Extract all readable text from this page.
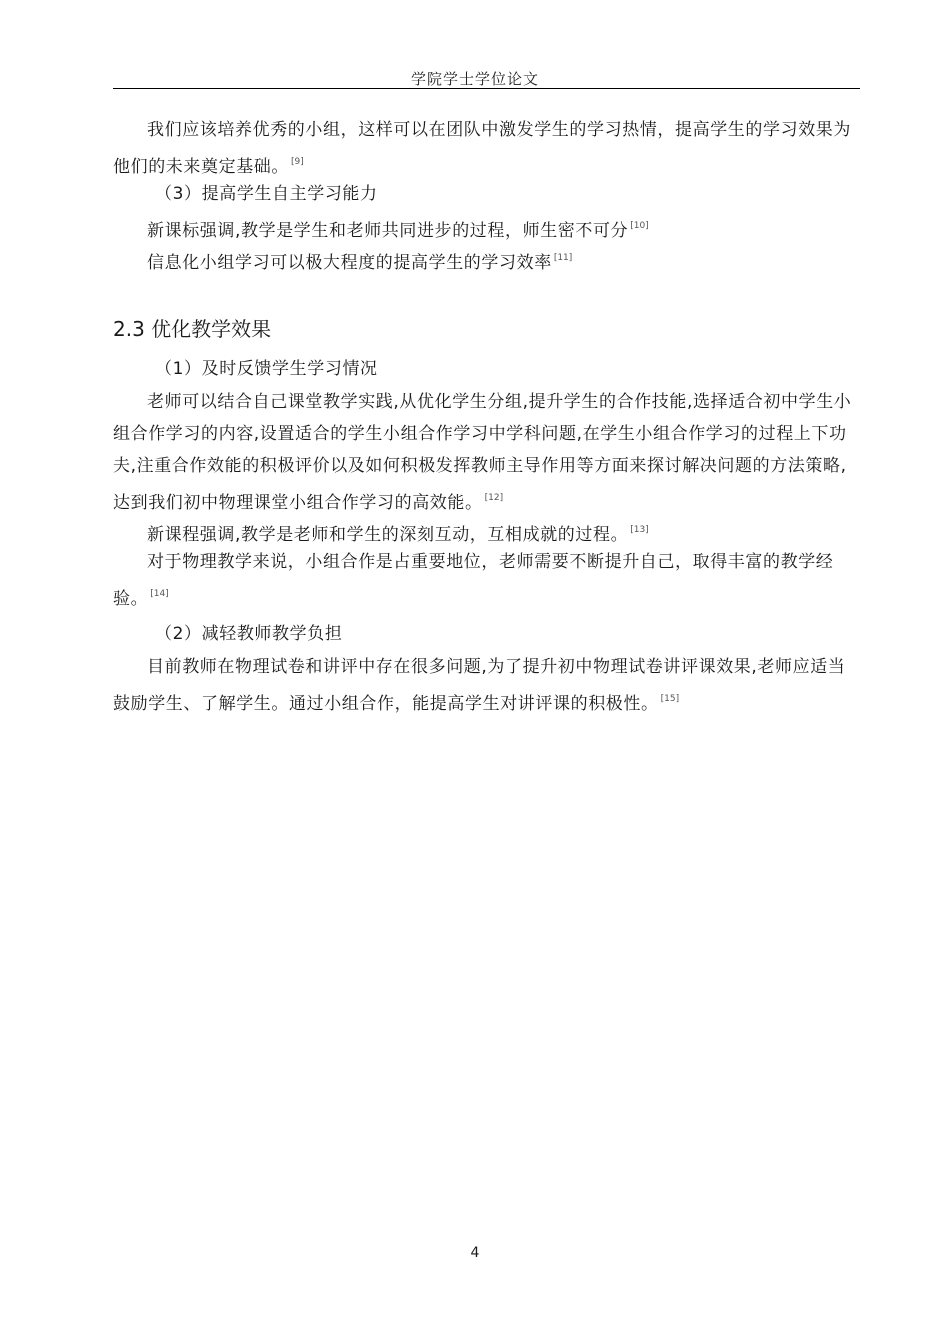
学院学士学位论文

我们应该培养优秀的小组，这样可以在团队中激发学生的学习热情，提高学生的学习效果为他们的未来奠定基础。 [9]

（3）提高学生自主学习能力

新课标强调,教学是学生和老师共同进步的过程，师生密不可分 [10]

信息化小组学习可以极大程度的提高学生的学习效率 [11]

2.3 优化教学效果

（1）及时反馈学生学习情况

老师可以结合自己课堂教学实践,从优化学生分组,提升学生的合作技能,选择适合初中学生小组合作学习的内容,设置适合的学生小组合作学习中学科问题,在学生小组合作学习的过程上下功夫,注重合作效能的积极评价以及如何积极发挥教师主导作用等方面来探讨解决问题的方法策略,达到我们初中物理课堂小组合作学习的高效能。 [12]

新课程强调,教学是老师和学生的深刻互动，互相成就的过程。 [13]

对于物理教学来说，小组合作是占重要地位，老师需要不断提升自己，取得丰富的教学经验。 [14]

（2）减轻教师教学负担

目前教师在物理试卷和讲评中存在很多问题,为了提升初中物理试卷讲评课效果,老师应适当鼓励学生、了解学生。通过小组合作，能提高学生对讲评课的积极性。 [15]

4
